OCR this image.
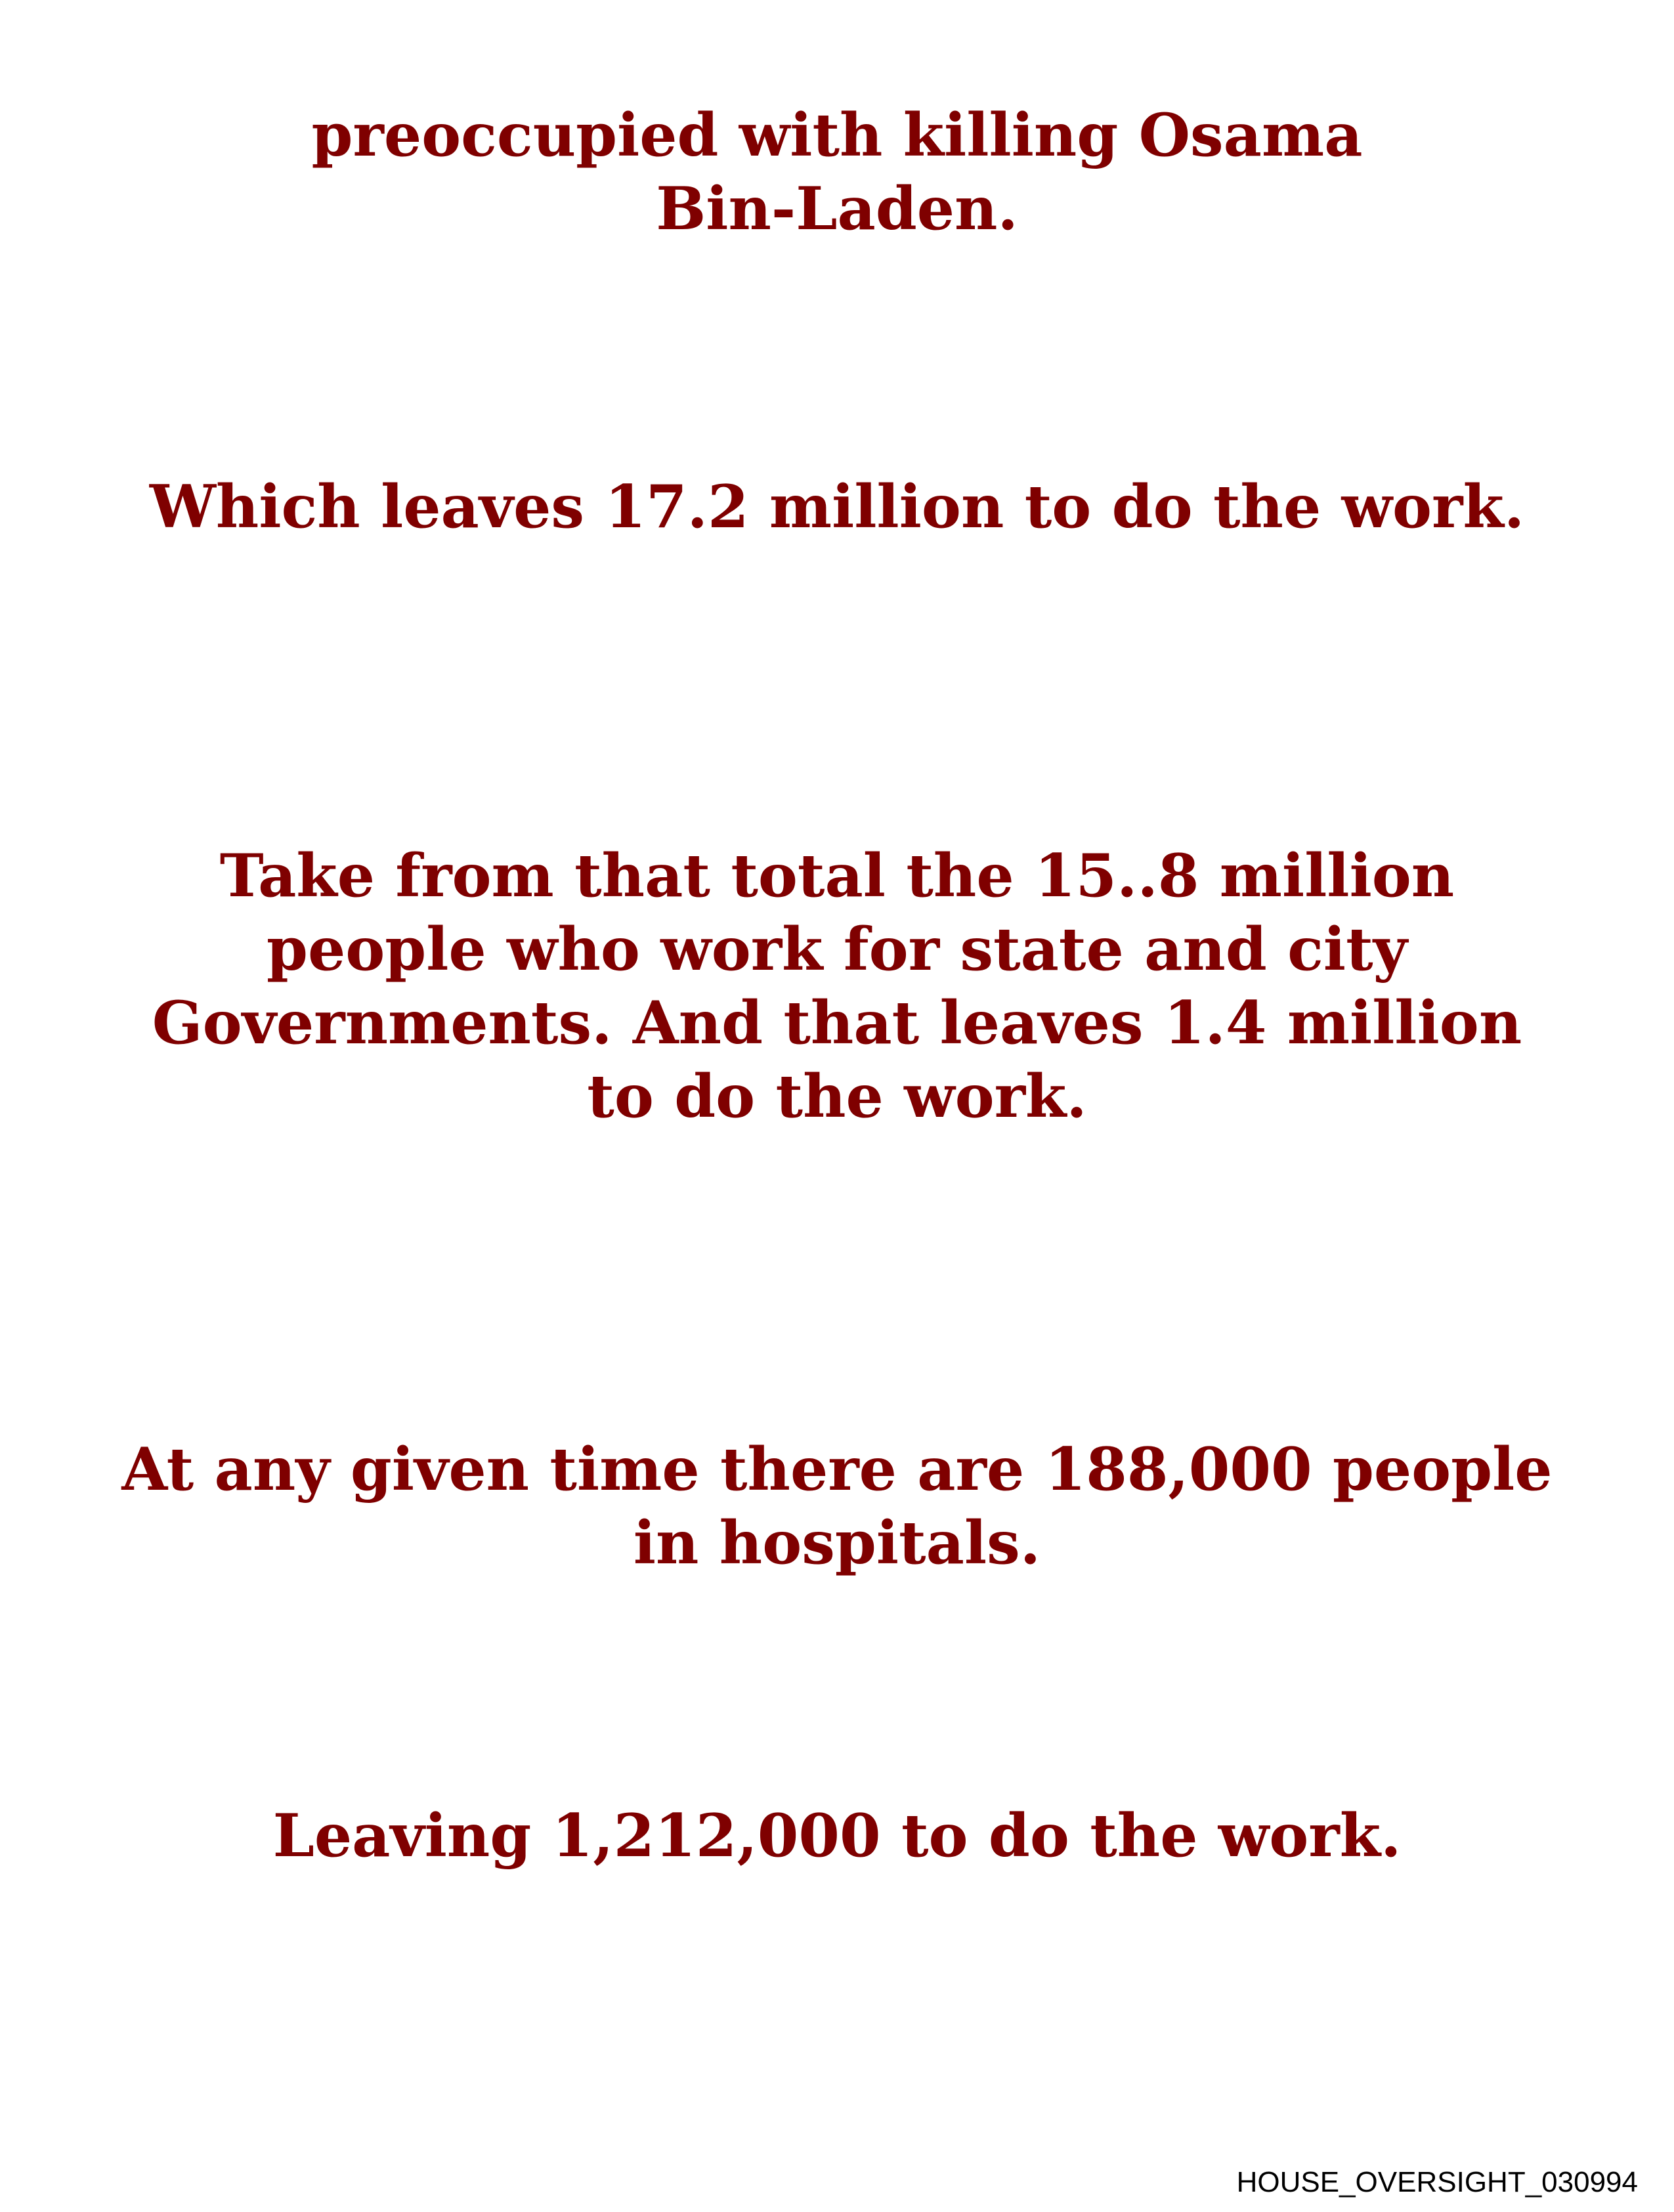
preoccupied with killing Osama
Bin-Laden.
Which leaves 17.2 million to do the work.
Take from that total the 15..8 million
people who work for state and city
Governments. And that leaves 1.4 million
to do the work.
At any given time there are 188,000 people
in hospitals.
Leaving 1,212,000 to do the work.
HOUSE_OVERSIGHT_030994
